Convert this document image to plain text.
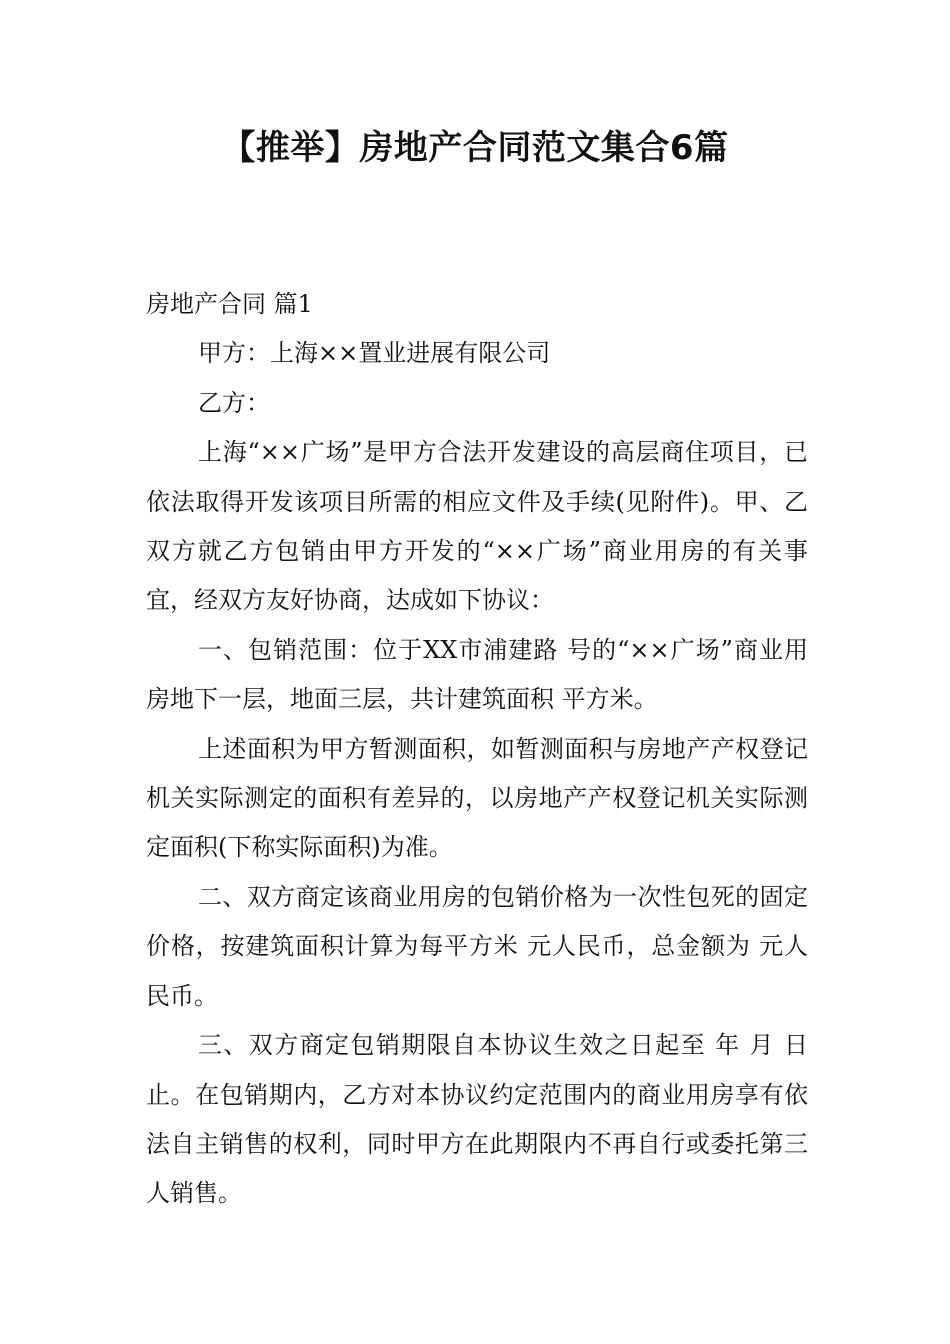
【推举】房地产合同范文集合6篇

房地产合同 篇1

甲方：上海××置业进展有限公司

乙方：

上海“××广场”是甲方合法开发建设的高层商住项目，已依法取得开发该项目所需的相应文件及手续(见附件)。甲、乙双方就乙方包销由甲方开发的“××广场”商业用房的有关事宜，经双方友好协商，达成如下协议：

一、包销范围：位于XX市浦建路 号的“××广场”商业用房地下一层，地面三层，共计建筑面积 平方米。

上述面积为甲方暂测面积，如暂测面积与房地产产权登记机关实际测定的面积有差异的，以房地产产权登记机关实际测定面积(下称实际面积)为准。

二、双方商定该商业用房的包销价格为一次性包死的固定价格，按建筑面积计算为每平方米 元人民币，总金额为 元人民币。

三、双方商定包销期限自本协议生效之日起至 年 月 日止。在包销期内，乙方对本协议约定范围内的商业用房享有依法自主销售的权利，同时甲方在此期限内不再自行或委托第三人销售。
